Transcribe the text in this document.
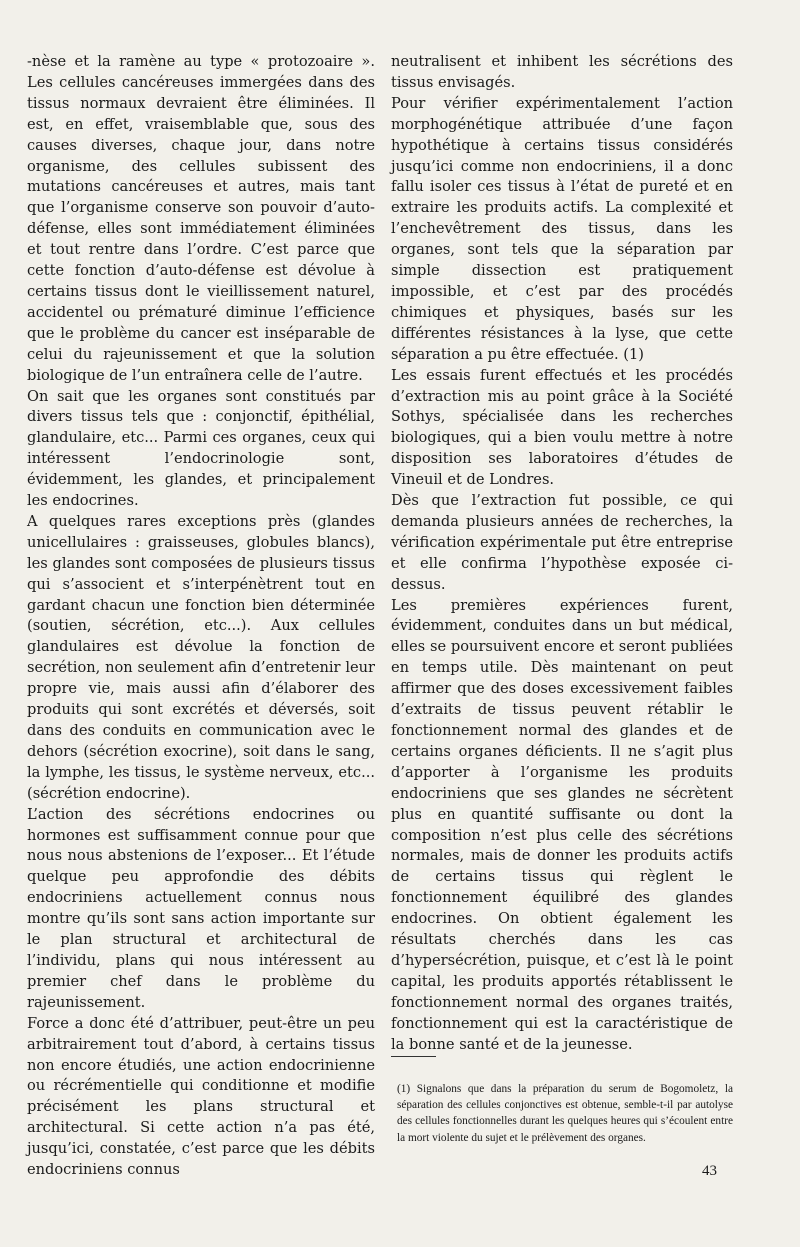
-nèse et la ramène au type « protozoaire ». Les cellules cancéreuses immergées dans des tissus normaux devraient être éliminées. Il est, en effet, vraisemblable que, sous des causes diverses, chaque jour, dans notre organisme, des cellules subissent des mutations cancéreuses et autres, mais tant que l’organisme conserve son pouvoir d’auto-défense, elles sont immédiatement éliminées et tout rentre dans l’ordre. C’est parce que cette fonction d’auto-défense est dévolue à certains tissus dont le vieillissement naturel, accidentel ou prématuré diminue l’efficience que le problème du cancer est inséparable de celui du rajeunissement et que la solution biologique de l’un entraînera celle de l’autre.

On sait que les organes sont constitués par divers tissus tels que : conjonctif, épithélial, glandulaire, etc... Parmi ces organes, ceux qui intéressent l’endocrinologie sont, évidemment, les glandes, et principalement les endocrines.

A quelques rares exceptions près (glandes unicellulaires : graisseuses, globules blancs), les glandes sont composées de plusieurs tissus qui s’associent et s’interpénètrent tout en gardant chacun une fonction bien déterminée (soutien, sécrétion, etc...). Aux cellules glandulaires est dévolue la fonction de secrétion, non seulement afin d’entretenir leur propre vie, mais aussi afin d’élaborer des produits qui sont excrétés et déversés, soit dans des conduits en communication avec le dehors (sécrétion exocrine), soit dans le sang, la lymphe, les tissus, le système nerveux, etc... (sécrétion endocrine).

L’action des sécrétions endocrines ou hormones est suffisamment connue pour que nous nous abstenions de l’exposer... Et l’étude quelque peu approfondie des débits endocriniens actuellement connus nous montre qu’ils sont sans action importante sur le plan structural et architectural de l’individu, plans qui nous intéressent au premier chef dans le problème du rajeunissement.

Force a donc été d’attribuer, peut-être un peu arbitrairement tout d’abord, à certains tissus non encore étudiés, une action endocrinienne ou récrémentielle qui conditionne et modifie précisément les plans structural et architectural. Si cette action n’a pas été, jusqu’ici, constatée, c’est parce que les débits endocriniens connus

neutralisent et inhibent les sécrétions des tissus envisagés.

Pour vérifier expérimentalement l’action morphogénétique attribuée d’une façon hypothétique à certains tissus considérés jusqu’ici comme non endocriniens, il a donc fallu isoler ces tissus à l’état de pureté et en extraire les produits actifs. La complexité et l’enchevêtrement des tissus, dans les organes, sont tels que la séparation par simple dissection est pratiquement impossible, et c’est par des procédés chimiques et physiques, basés sur les différentes résistances à la lyse, que cette séparation a pu être effectuée. (1)

Les essais furent effectués et les procédés d’extraction mis au point grâce à la Société Sothys, spécialisée dans les recherches biologiques, qui a bien voulu mettre à notre disposition ses laboratoires d’études de Vineuil et de Londres.

Dès que l’extraction fut possible, ce qui demanda plusieurs années de recherches, la vérification expérimentale put être entreprise et elle confirma l’hypothèse exposée ci-dessus.

Les premières expériences furent, évidemment, conduites dans un but médical, elles se poursuivent encore et seront publiées en temps utile. Dès maintenant on peut affirmer que des doses excessivement faibles d’extraits de tissus peuvent rétablir le fonctionnement normal des glandes et de certains organes déficients. Il ne s’agit plus d’apporter à l’organisme les produits endocriniens que ses glandes ne sécrètent plus en quantité suffisante ou dont la composition n’est plus celle des sécrétions normales, mais de donner les produits actifs de certains tissus qui règlent le fonctionnement équilibré des glandes endocrines. On obtient également les résultats cherchés dans les cas d’hypersécrétion, puisque, et c’est là le point capital, les produits apportés rétablissent le fonctionnement normal des organes traités, fonctionnement qui est la caractéristique de la bonne santé et de la jeunesse.

(1) Signalons que dans la préparation du serum de Bogomoletz, la séparation des cellules conjonctives est obtenue, semble-t-il par autolyse des cellules fonctionnelles durant les quelques heures qui s’écoulent entre la mort violente du sujet et le prélèvement des organes.
43
